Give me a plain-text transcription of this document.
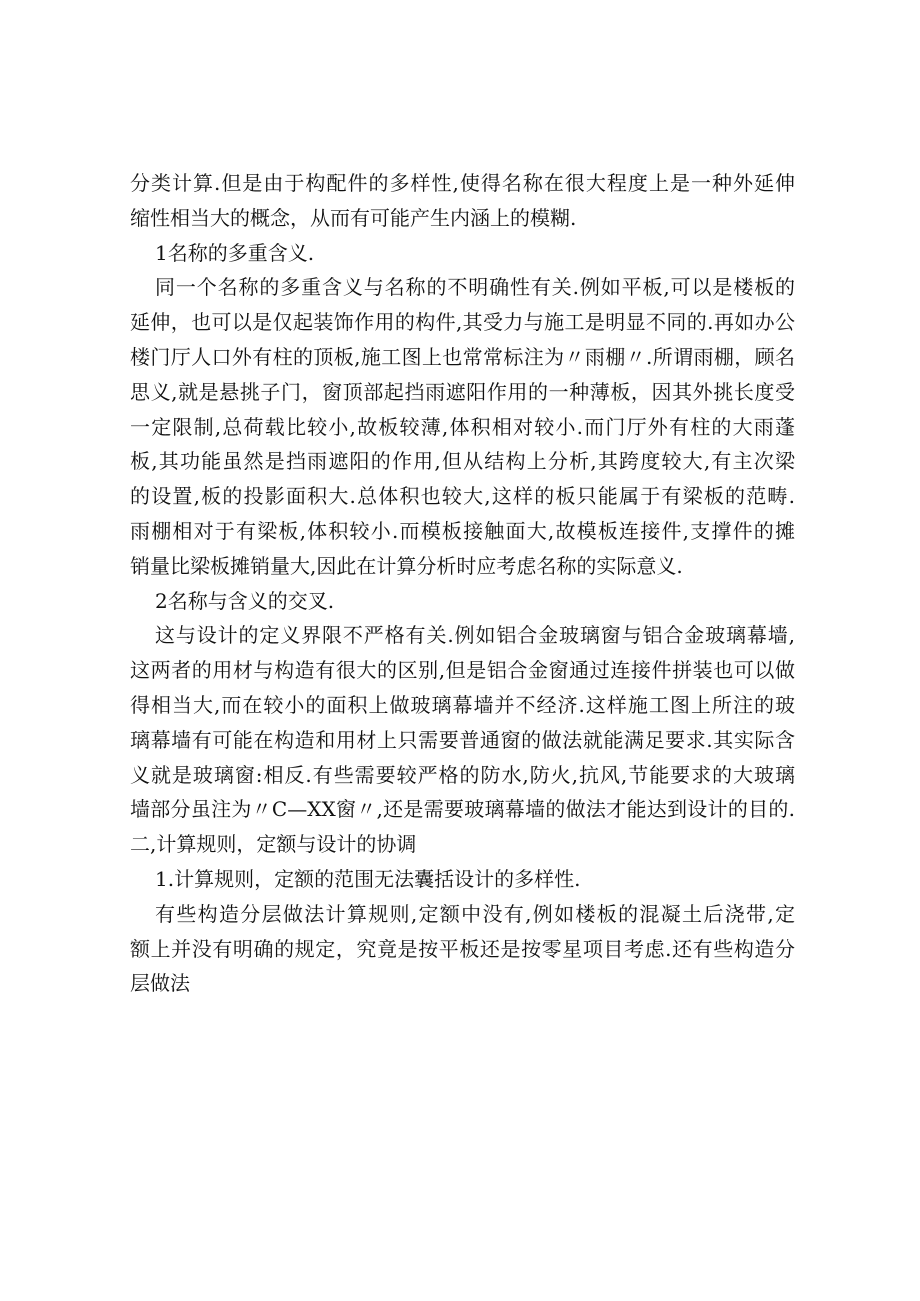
分类计算.但是由于构配件的多样性,使得名称在很大程度上是一种外延伸
缩性相当大的概念，从而有可能产生内涵上的模糊.
1名称的多重含义.
同一个名称的多重含义与名称的不明确性有关.例如平板,可以是楼板的
延伸，也可以是仅起装饰作用的构件,其受力与施工是明显不同的.再如办公
楼门厅人口外有柱的顶板,施工图上也常常标注为〃雨棚〃.所谓雨棚，顾名
思义,就是悬挑子门，窗顶部起挡雨遮阳作用的一种薄板，因其外挑长度受
一定限制,总荷载比较小,故板较薄,体积相对较小.而门厅外有柱的大雨蓬
板,其功能虽然是挡雨遮阳的作用,但从结构上分析,其跨度较大,有主次梁
的设置,板的投影面积大.总体积也较大,这样的板只能属于有梁板的范畴.
雨棚相对于有梁板,体积较小.而模板接触面大,故模板连接件,支撑件的摊
销量比梁板摊销量大,因此在计算分析时应考虑名称的实际意义.
2名称与含义的交叉.
这与设计的定义界限不严格有关.例如铝合金玻璃窗与铝合金玻璃幕墙,
这两者的用材与构造有很大的区别,但是铝合金窗通过连接件拼装也可以做
得相当大,而在较小的面积上做玻璃幕墙并不经济.这样施工图上所注的玻
璃幕墙有可能在构造和用材上只需要普通窗的做法就能满足要求.其实际含
义就是玻璃窗:相反.有些需要较严格的防水,防火,抗风,节能要求的大玻璃
墙部分虽注为〃C—XX窗〃,还是需要玻璃幕墙的做法才能达到设计的目的.
二,计算规则，定额与设计的协调
1.计算规则，定额的范围无法囊括设计的多样性.
有些构造分层做法计算规则,定额中没有,例如楼板的混凝土后浇带,定
额上并没有明确的规定，究竟是按平板还是按零星项目考虑.还有些构造分
层做法
